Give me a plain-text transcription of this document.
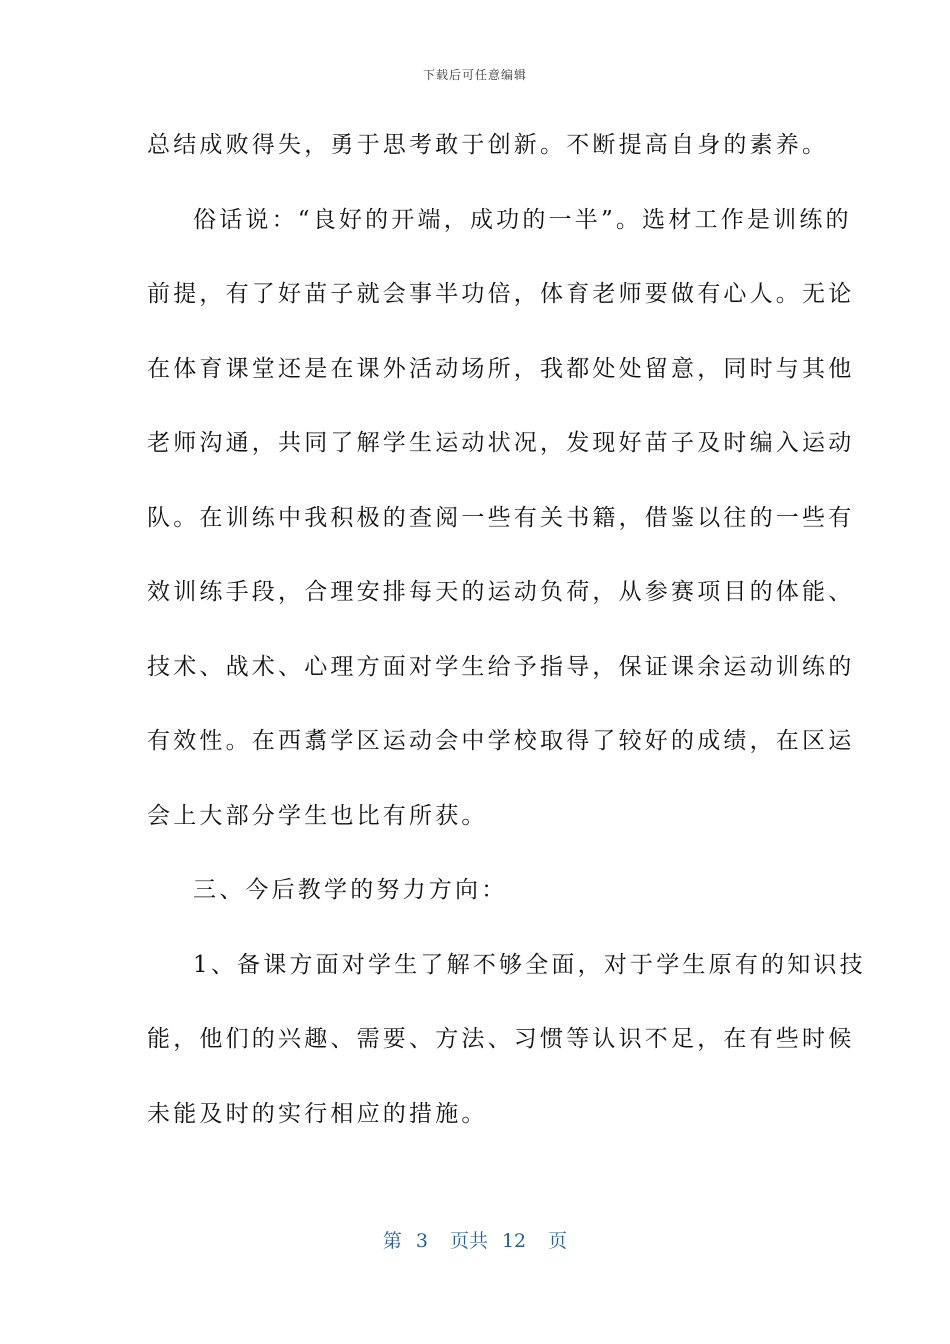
下载后可任意编辑
总结成败得失，勇于思考敢于创新。不断提高自身的素养。
俗话说：“良好的开端，成功的一半”。选材工作是训练的
前提，有了好苗子就会事半功倍，体育老师要做有心人。无论
在体育课堂还是在课外活动场所，我都处处留意，同时与其他
老师沟通，共同了解学生运动状况，发现好苗子及时编入运动
队。在训练中我积极的查阅一些有关书籍，借鉴以往的一些有
效训练手段，合理安排每天的运动负荷，从参赛项目的体能、
技术、战术、心理方面对学生给予指导，保证课余运动训练的
有效性。在西翥学区运动会中学校取得了较好的成绩，在区运
会上大部分学生也比有所获。
三、今后教学的努力方向：
1、备课方面对学生了解不够全面，对于学生原有的知识技
能，他们的兴趣、需要、方法、习惯等认识不足，在有些时候
未能及时的实行相应的措施。
第 3 页共 12 页
